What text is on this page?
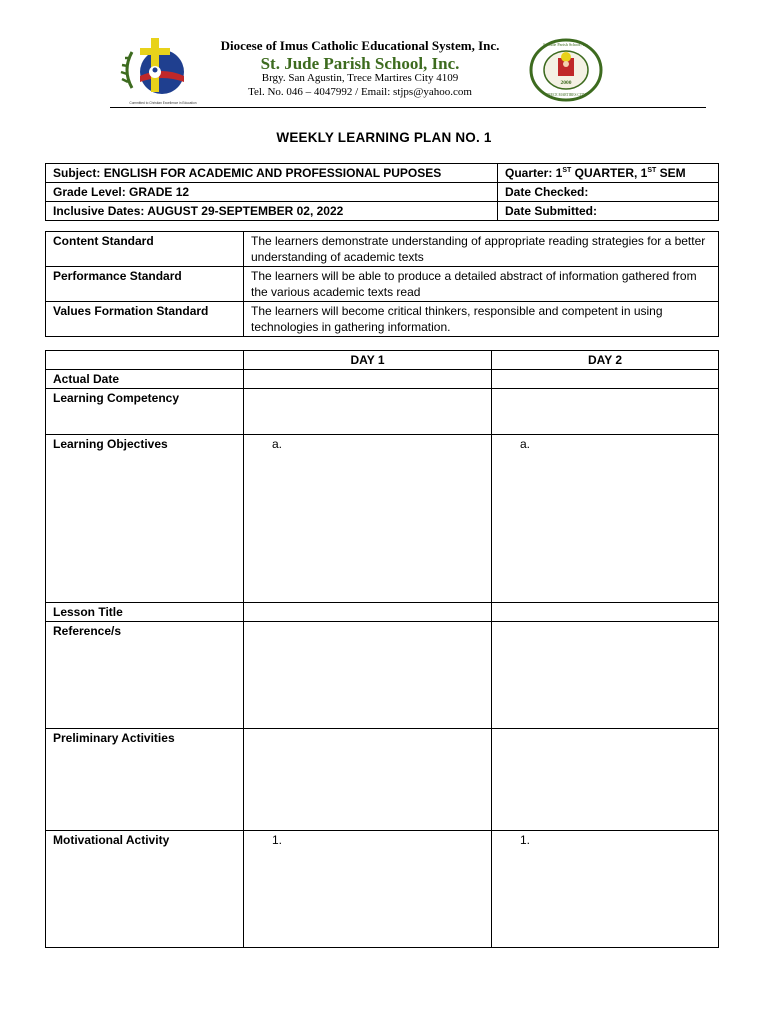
Committed to Christian Excellence in Education
Diocese of Imus Catholic Educational System, Inc.
St. Jude Parish School, Inc.
Brgy. San Agustin, Trece Martires City 4109
Tel. No. 046 – 4047992 / Email: stjps@yahoo.com
2000
St. Jude Parish School, Inc.
TRECE MARTIRES CITY
WEEKLY LEARNING PLAN NO. 1
Subject: ENGLISH FOR ACADEMIC AND PROFESSIONAL PUPOSES	Quarter: 1ST QUARTER, 1ST SEM
Grade Level: GRADE 12	Date Checked:
Inclusive Dates: AUGUST 29-SEPTEMBER 02, 2022	Date Submitted:
Content Standard	The learners demonstrate understanding of appropriate reading strategies for a better understanding of academic texts
Performance Standard	The learners will be able to produce a detailed abstract of information gathered from the various academic texts read
Values Formation Standard	The learners will become critical thinkers, responsible and competent in using technologies in gathering information.
	DAY 1	DAY 2
Actual Date		
Learning Competency		
Learning Objectives	a.	a.
Lesson Title		
Reference/s		
Preliminary Activities		
Motivational Activity	1.	1.
